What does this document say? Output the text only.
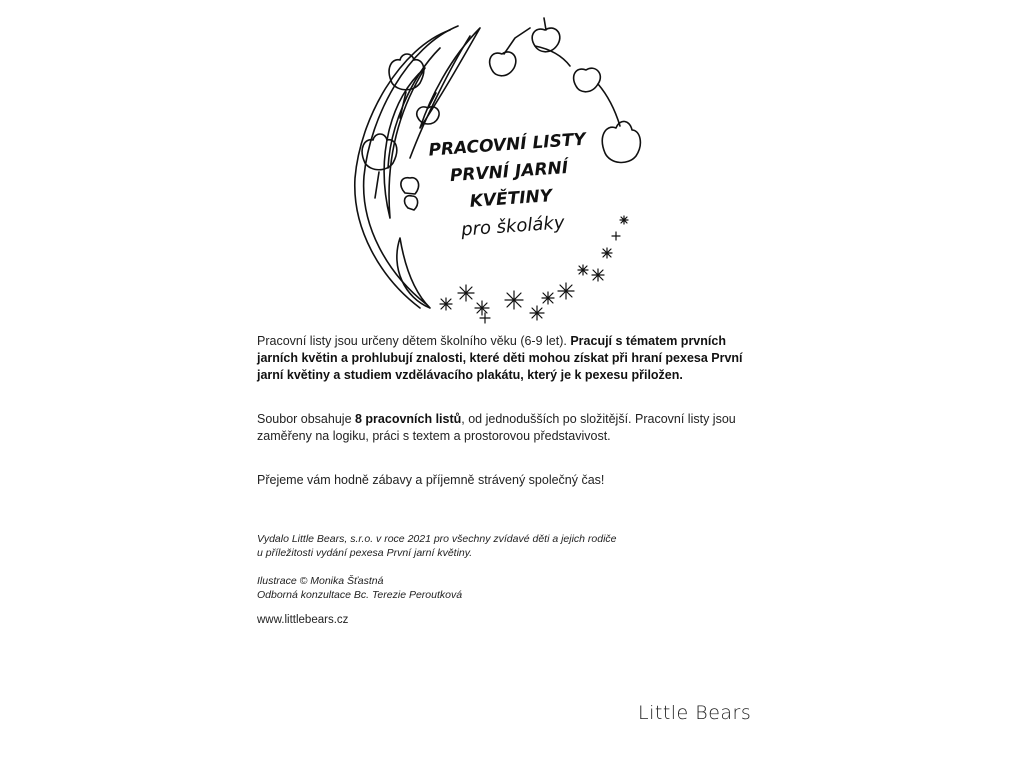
PRACOVNÍ LISTY
PRVNÍ JARNÍ
KVĚTINY
pro školáky

Pracovní listy jsou určeny dětem školního věku (6-9 let). Pracují s tématem prvních jarních květin a prohlubují znalosti, které děti mohou získat při hraní pexesa První jarní květiny a studiem vzdělávacího plakátu, který je k pexesu přiložen.

Soubor obsahuje 8 pracovních listů, od jednodušších po složitější. Pracovní listy jsou zaměřeny na logiku, práci s textem a prostorovou představivost.

Přejeme vám hodně zábavy a příjemně strávený společný čas!

Vydalo Little Bears, s.r.o. v roce 2021 pro všechny zvídavé děti a jejich rodiče

u příležitosti vydání pexesa První jarní květiny.

Ilustrace © Monika Šťastná

Odborná konzultace Bc. Terezie Peroutková

www.littlebears.cz
Little Bears
